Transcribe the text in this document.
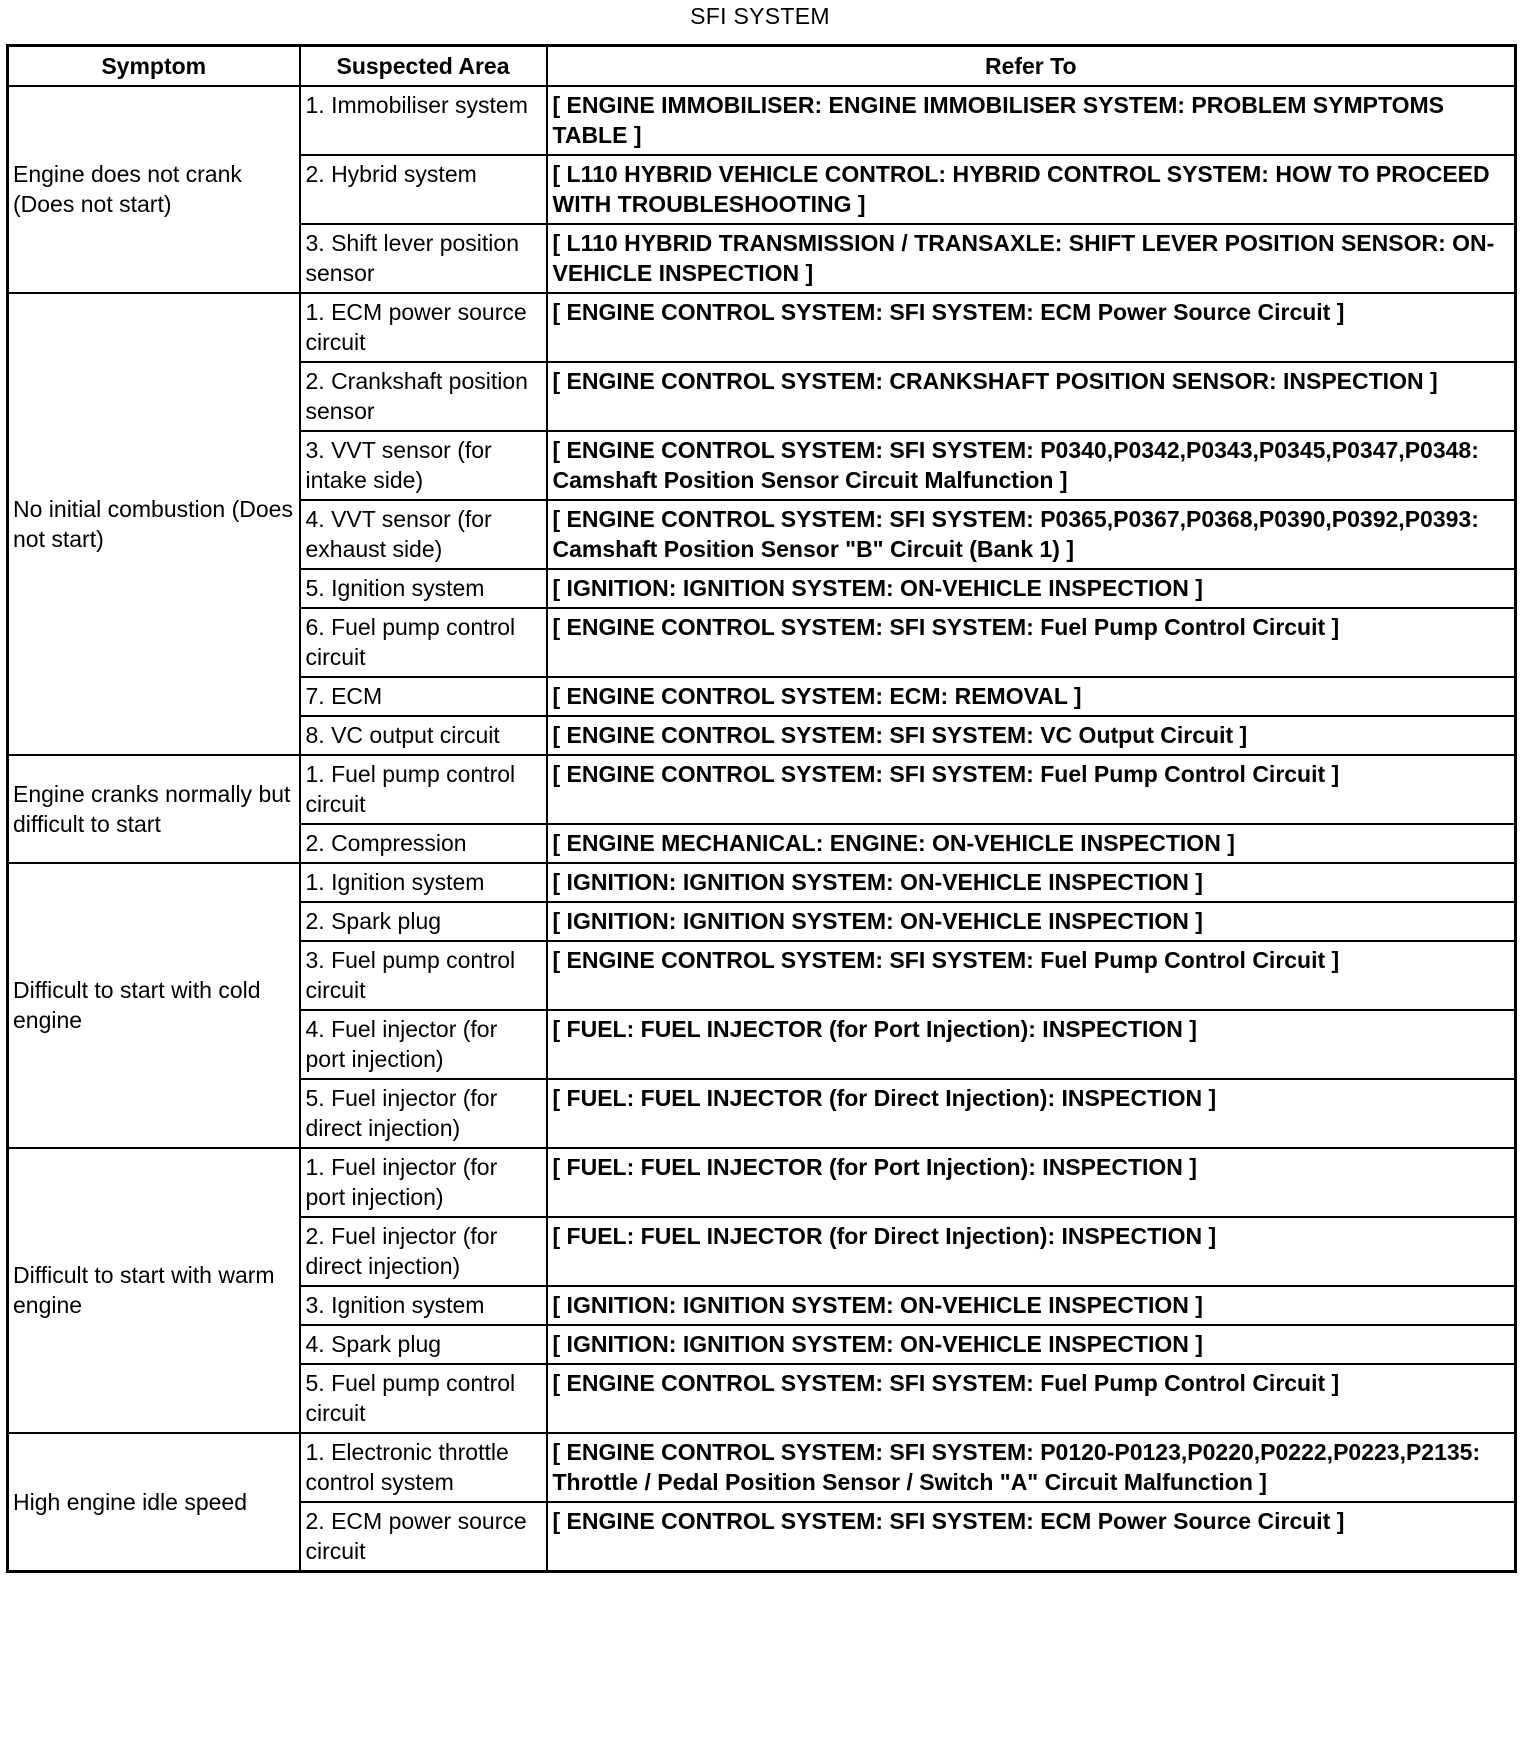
SFI SYSTEM
Symptom	Suspected Area	Refer To
Engine does not crank (Does not start)	1. Immobiliser system	[ ENGINE IMMOBILISER: ENGINE IMMOBILISER SYSTEM: PROBLEM SYMPTOMS TABLE ]
	2. Hybrid system	[ L110 HYBRID VEHICLE CONTROL: HYBRID CONTROL SYSTEM: HOW TO PROCEED WITH TROUBLESHOOTING ]
	3. Shift lever position sensor	[ L110 HYBRID TRANSMISSION / TRANSAXLE: SHIFT LEVER POSITION SENSOR: ON-VEHICLE INSPECTION ]
No initial combustion (Does not start)	1. ECM power source circuit	[ ENGINE CONTROL SYSTEM: SFI SYSTEM: ECM Power Source Circuit ]
	2. Crankshaft position sensor	[ ENGINE CONTROL SYSTEM: CRANKSHAFT POSITION SENSOR: INSPECTION ]
	3. VVT sensor (for intake side)	[ ENGINE CONTROL SYSTEM: SFI SYSTEM: P0340,P0342,P0343,P0345,P0347,P0348: Camshaft Position Sensor Circuit Malfunction ]
	4. VVT sensor (for exhaust side)	[ ENGINE CONTROL SYSTEM: SFI SYSTEM: P0365,P0367,P0368,P0390,P0392,P0393: Camshaft Position Sensor "B" Circuit (Bank 1) ]
	5. Ignition system	[ IGNITION: IGNITION SYSTEM: ON-VEHICLE INSPECTION ]
	6. Fuel pump control circuit	[ ENGINE CONTROL SYSTEM: SFI SYSTEM: Fuel Pump Control Circuit ]
	7. ECM	[ ENGINE CONTROL SYSTEM: ECM: REMOVAL ]
	8. VC output circuit	[ ENGINE CONTROL SYSTEM: SFI SYSTEM: VC Output Circuit ]
Engine cranks normally but difficult to start	1. Fuel pump control circuit	[ ENGINE CONTROL SYSTEM: SFI SYSTEM: Fuel Pump Control Circuit ]
	2. Compression	[ ENGINE MECHANICAL: ENGINE: ON-VEHICLE INSPECTION ]
Difficult to start with cold engine	1. Ignition system	[ IGNITION: IGNITION SYSTEM: ON-VEHICLE INSPECTION ]
	2. Spark plug	[ IGNITION: IGNITION SYSTEM: ON-VEHICLE INSPECTION ]
	3. Fuel pump control circuit	[ ENGINE CONTROL SYSTEM: SFI SYSTEM: Fuel Pump Control Circuit ]
	4. Fuel injector (for port injection)	[ FUEL: FUEL INJECTOR (for Port Injection): INSPECTION ]
	5. Fuel injector (for direct injection)	[ FUEL: FUEL INJECTOR (for Direct Injection): INSPECTION ]
Difficult to start with warm engine	1. Fuel injector (for port injection)	[ FUEL: FUEL INJECTOR (for Port Injection): INSPECTION ]
	2. Fuel injector (for direct injection)	[ FUEL: FUEL INJECTOR (for Direct Injection): INSPECTION ]
	3. Ignition system	[ IGNITION: IGNITION SYSTEM: ON-VEHICLE INSPECTION ]
	4. Spark plug	[ IGNITION: IGNITION SYSTEM: ON-VEHICLE INSPECTION ]
	5. Fuel pump control circuit	[ ENGINE CONTROL SYSTEM: SFI SYSTEM: Fuel Pump Control Circuit ]
High engine idle speed	1. Electronic throttle control system	[ ENGINE CONTROL SYSTEM: SFI SYSTEM: P0120-P0123,P0220,P0222,P0223,P2135: Throttle / Pedal Position Sensor / Switch "A" Circuit Malfunction ]
	2. ECM power source circuit	[ ENGINE CONTROL SYSTEM: SFI SYSTEM: ECM Power Source Circuit ]
